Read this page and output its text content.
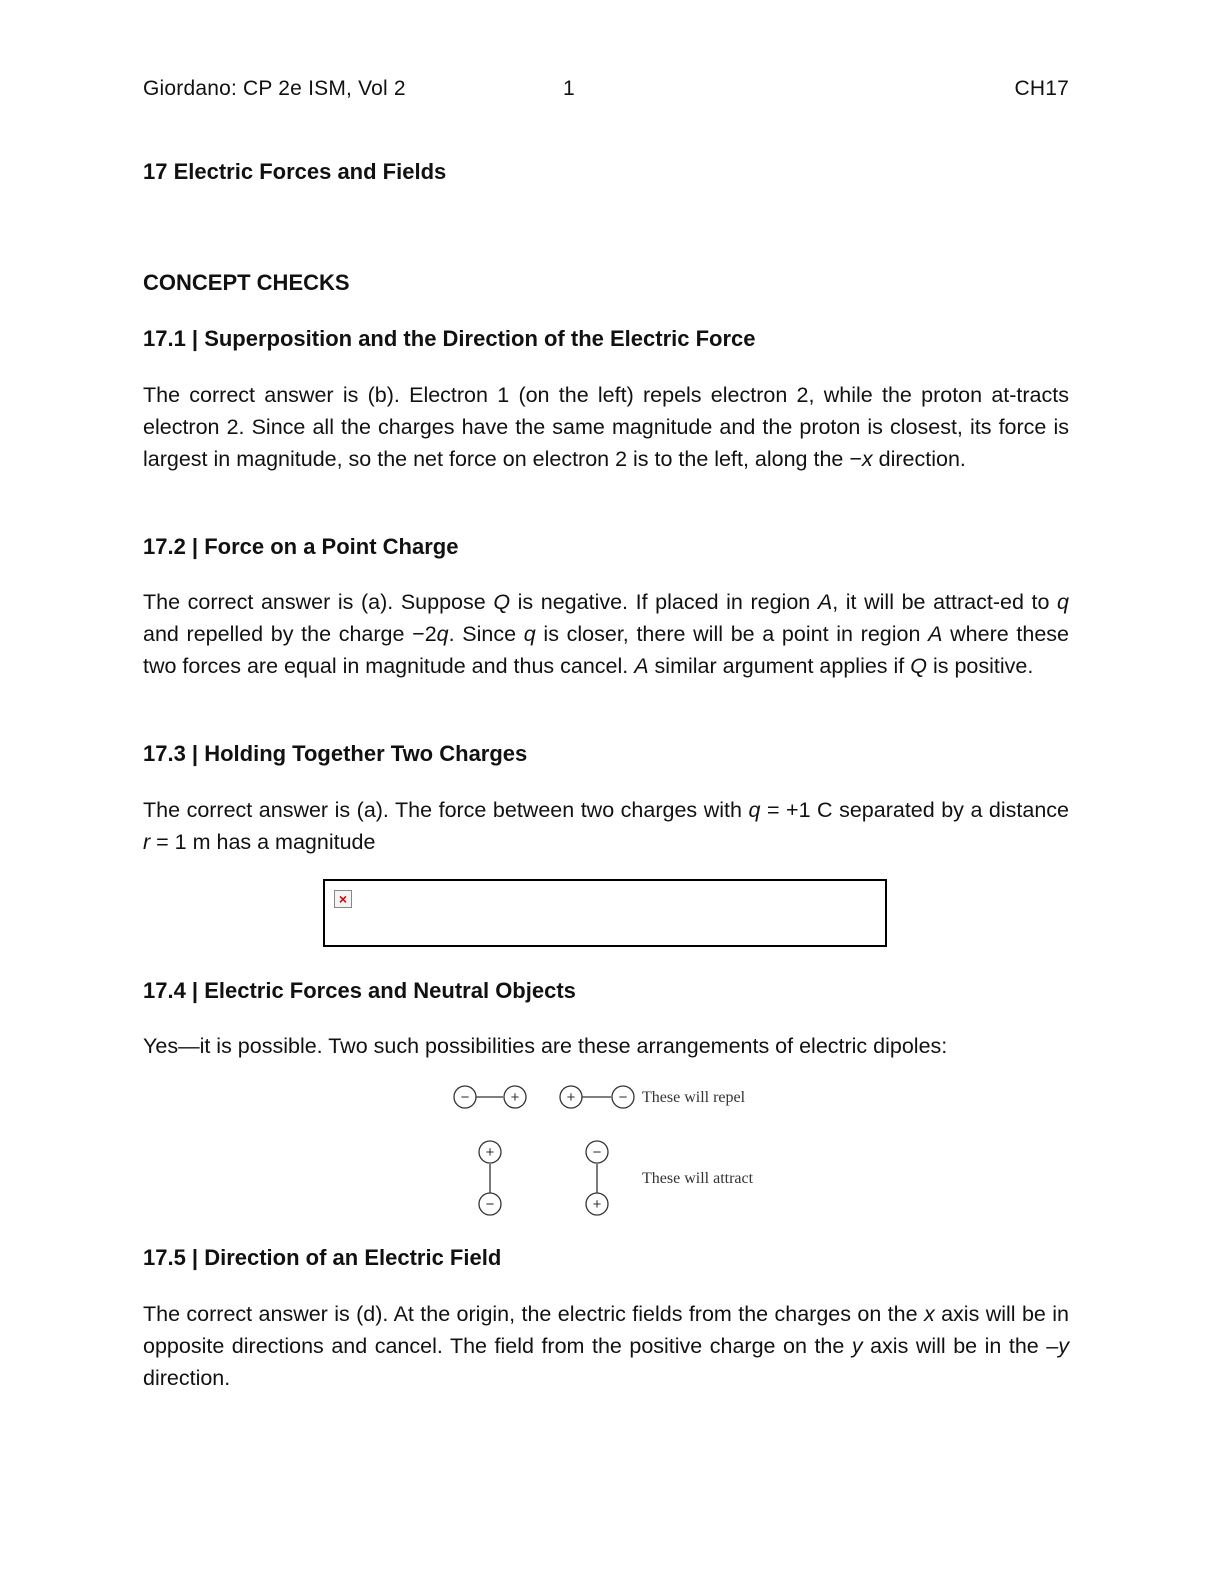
Giordano: CP 2e ISM, Vol 2	1	CH17
17 Electric Forces and Fields
CONCEPT CHECKS
17.1 | Superposition and the Direction of the Electric Force
The correct answer is (b). Electron 1 (on the left) repels electron 2, while the proton at-tracts electron 2. Since all the charges have the same magnitude and the proton is closest, its force is largest in magnitude, so the net force on electron 2 is to the left, along the −x direction.
17.2 | Force on a Point Charge
The correct answer is (a). Suppose Q is negative. If placed in region A, it will be attract-ed to q and repelled by the charge −2q. Since q is closer, there will be a point in region A where these two forces are equal in magnitude and thus cancel. A similar argument applies if Q is positive.
17.3 | Holding Together Two Charges
The correct answer is (a). The force between two charges with q = +1 C separated by a distance r = 1 m has a magnitude
×
17.4 | Electric Forces and Neutral Objects
Yes—it is possible. Two such possibilities are these arrangements of electric dipoles:
−	+	+	−
+
−
−
+
These will repel
These will attract
17.5 | Direction of an Electric Field
The correct answer is (d). At the origin, the electric fields from the charges on the x axis will be in opposite directions and cancel. The field from the positive charge on the y axis will be in the –y direction.
